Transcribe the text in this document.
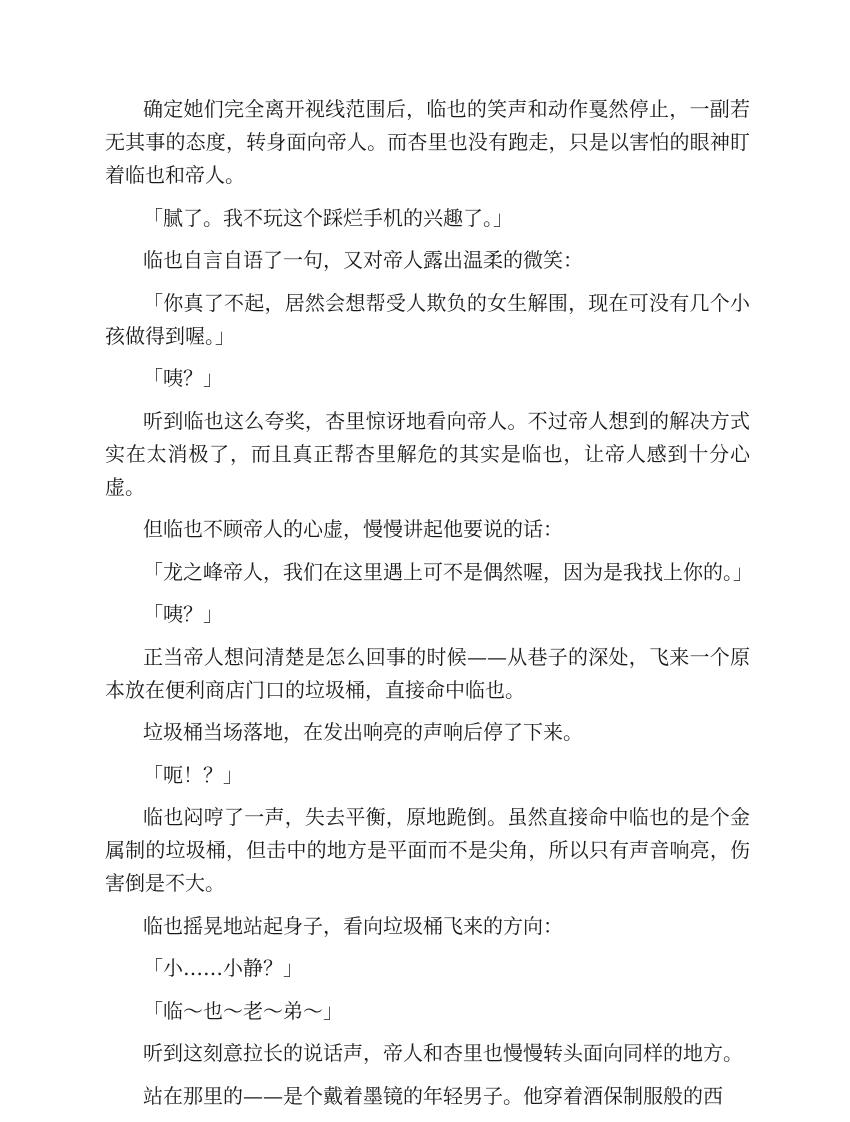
确定她们完全离开视线范围后，临也的笑声和动作戛然停止，一副若无其事的态度，转身面向帝人。而杏里也没有跑走，只是以害怕的眼神盯着临也和帝人。

「腻了。我不玩这个踩烂手机的兴趣了。」

临也自言自语了一句，又对帝人露出温柔的微笑：

「你真了不起，居然会想帮受人欺负的女生解围，现在可没有几个小孩做得到喔。」

「咦？」

听到临也这么夸奖，杏里惊讶地看向帝人。不过帝人想到的解决方式实在太消极了，而且真正帮杏里解危的其实是临也，让帝人感到十分心虚。

但临也不顾帝人的心虚，慢慢讲起他要说的话：

「龙之峰帝人，我们在这里遇上可不是偶然喔，因为是我找上你的。」

「咦？」

正当帝人想问清楚是怎么回事的时候——从巷子的深处，飞来一个原本放在便利商店门口的垃圾桶，直接命中临也。

垃圾桶当场落地，在发出响亮的声响后停了下来。

「呃！？」

临也闷哼了一声，失去平衡，原地跪倒。虽然直接命中临也的是个金属制的垃圾桶，但击中的地方是平面而不是尖角，所以只有声音响亮，伤害倒是不大。

临也摇晃地站起身子，看向垃圾桶飞来的方向：

「小……小静？」

「临～也～老～弟～」

听到这刻意拉长的说话声，帝人和杏里也慢慢转头面向同样的地方。

站在那里的——是个戴着墨镜的年轻男子。他穿着酒保制服般的西
